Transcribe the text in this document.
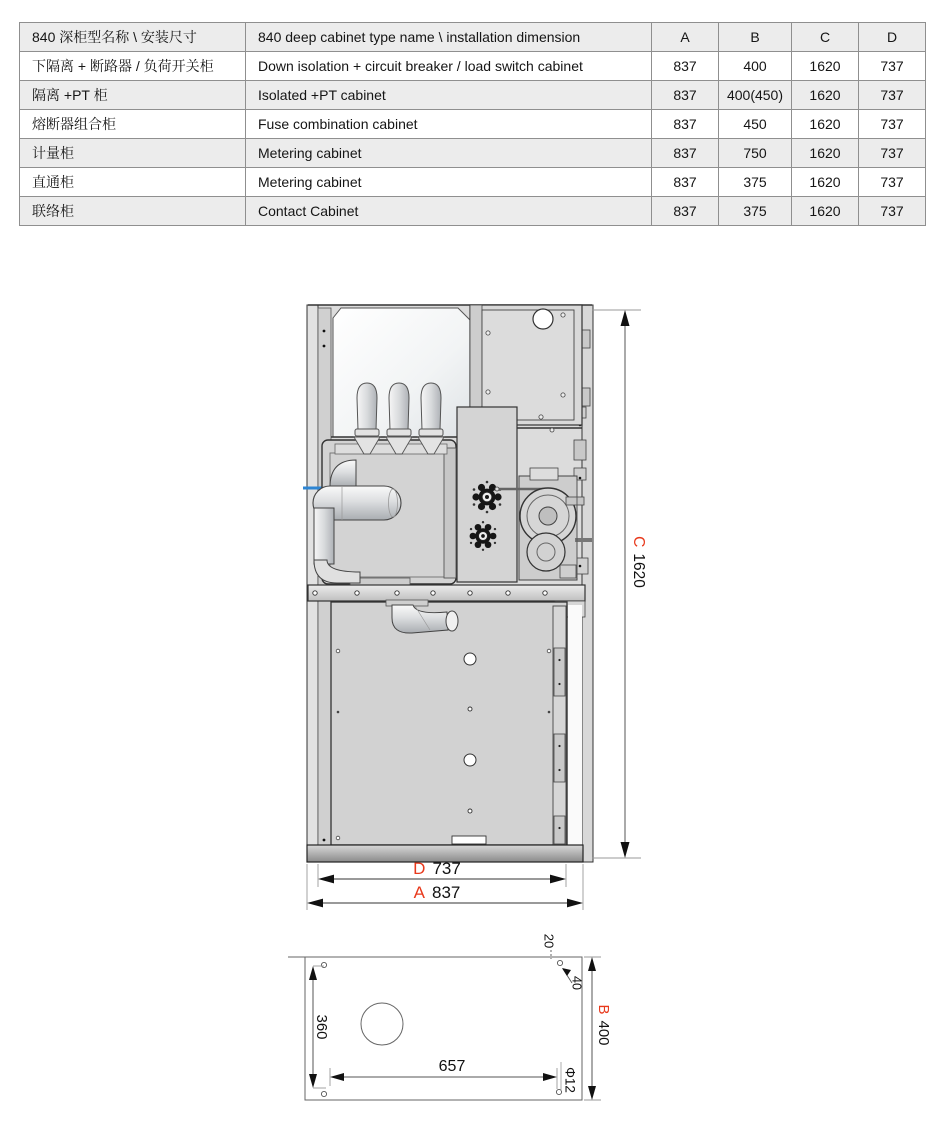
840 深柜型名称 \ 安装尺寸	840 deep cabinet type name \ installation dimension	A	B	C	D
下隔离 + 断路器 / 负荷开关柜	Down isolation + circuit breaker / load switch cabinet	837	400	1620	737
隔离 +PT 柜	Isolated +PT cabinet	837	400(450)	1620	737
熔断器组合柜	Fuse combination cabinet	837	450	1620	737
计量柜	Metering cabinet	837	750	1620	737
直通柜	Metering cabinet	837	375	1620	737
联络柜	Contact Cabinet	837	375	1620	737
C1620
D 737
A 837
360
657
Φ12
B400
20
40
